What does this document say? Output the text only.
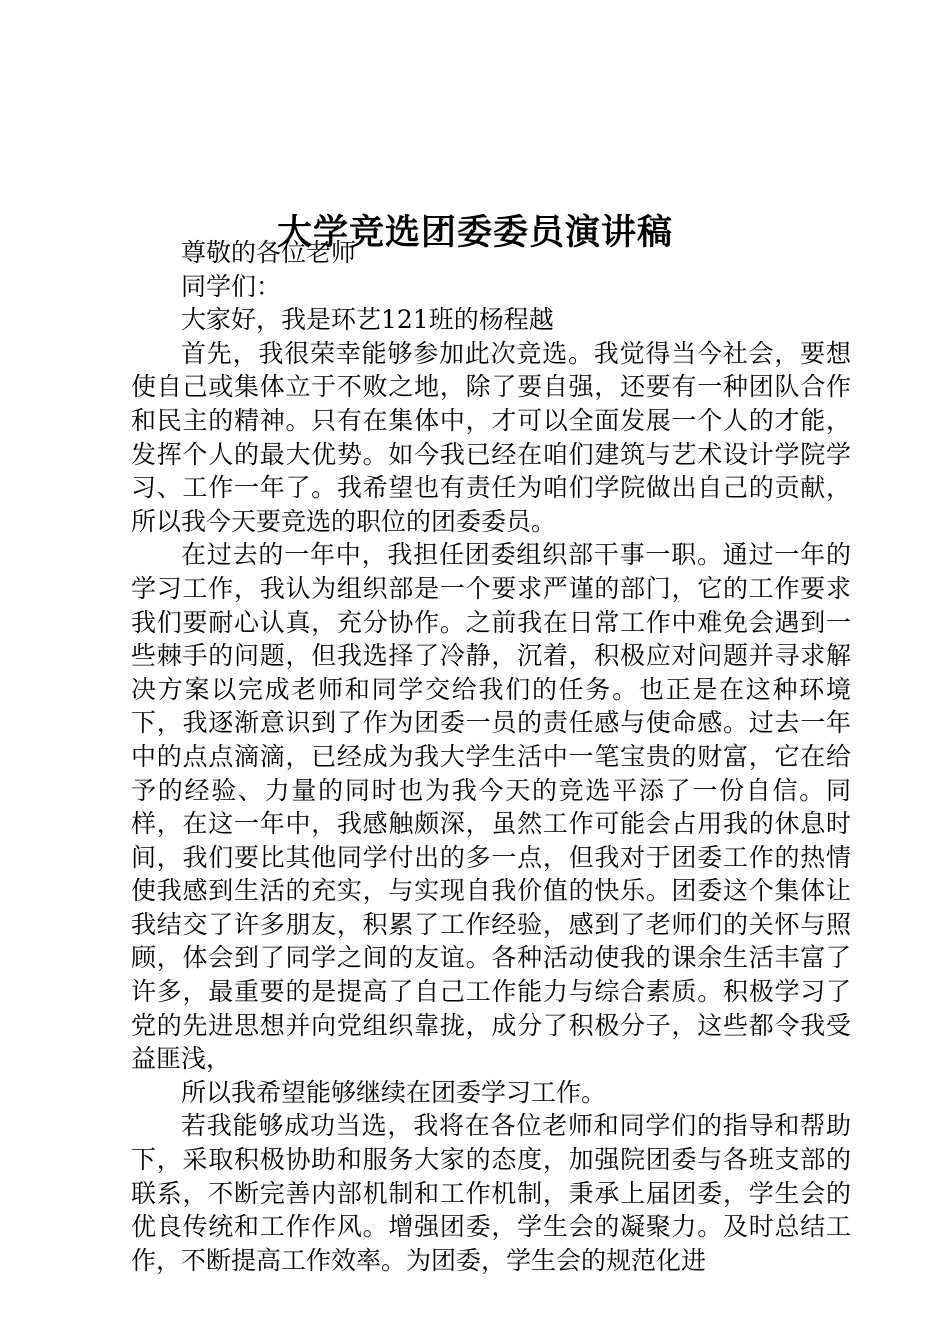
大学竞选团委委员演讲稿

尊敬的各位老师

同学们：

大家好，我是环艺121班的杨程越

首先，我很荣幸能够参加此次竞选。我觉得当今社会，要想使自己或集体立于不败之地，除了要自强，还要有一种团队合作和民主的精神。只有在集体中，才可以全面发展一个人的才能，发挥个人的最大优势。如今我已经在咱们建筑与艺术设计学院学习、工作一年了。我希望也有责任为咱们学院做出自己的贡献，所以我今天要竞选的职位的团委委员。

在过去的一年中，我担任团委组织部干事一职。通过一年的学习工作，我认为组织部是一个要求严谨的部门，它的工作要求我们要耐心认真，充分协作。之前我在日常工作中难免会遇到一些棘手的问题，但我选择了冷静，沉着，积极应对问题并寻求解决方案以完成老师和同学交给我们的任务。也正是在这种环境下，我逐渐意识到了作为团委一员的责任感与使命感。过去一年中的点点滴滴，已经成为我大学生活中一笔宝贵的财富，它在给予的经验、力量的同时也为我今天的竞选平添了一份自信。同样，在这一年中，我感触颇深，虽然工作可能会占用我的休息时间，我们要比其他同学付出的多一点，但我对于团委工作的热情使我感到生活的充实，与实现自我价值的快乐。团委这个集体让我结交了许多朋友，积累了工作经验，感到了老师们的关怀与照顾，体会到了同学之间的友谊。各种活动使我的课余生活丰富了许多，最重要的是提高了自己工作能力与综合素质。积极学习了党的先进思想并向党组织靠拢，成分了积极分子，这些都令我受益匪浅，

所以我希望能够继续在团委学习工作。

若我能够成功当选，我将在各位老师和同学们的指导和帮助下，采取积极协助和服务大家的态度，加强院团委与各班支部的联系，不断完善内部机制和工作机制，秉承上届团委，学生会的优良传统和工作作风。增强团委，学生会的凝聚力。及时总结工作，不断提高工作效率。为团委，学生会的规范化进
